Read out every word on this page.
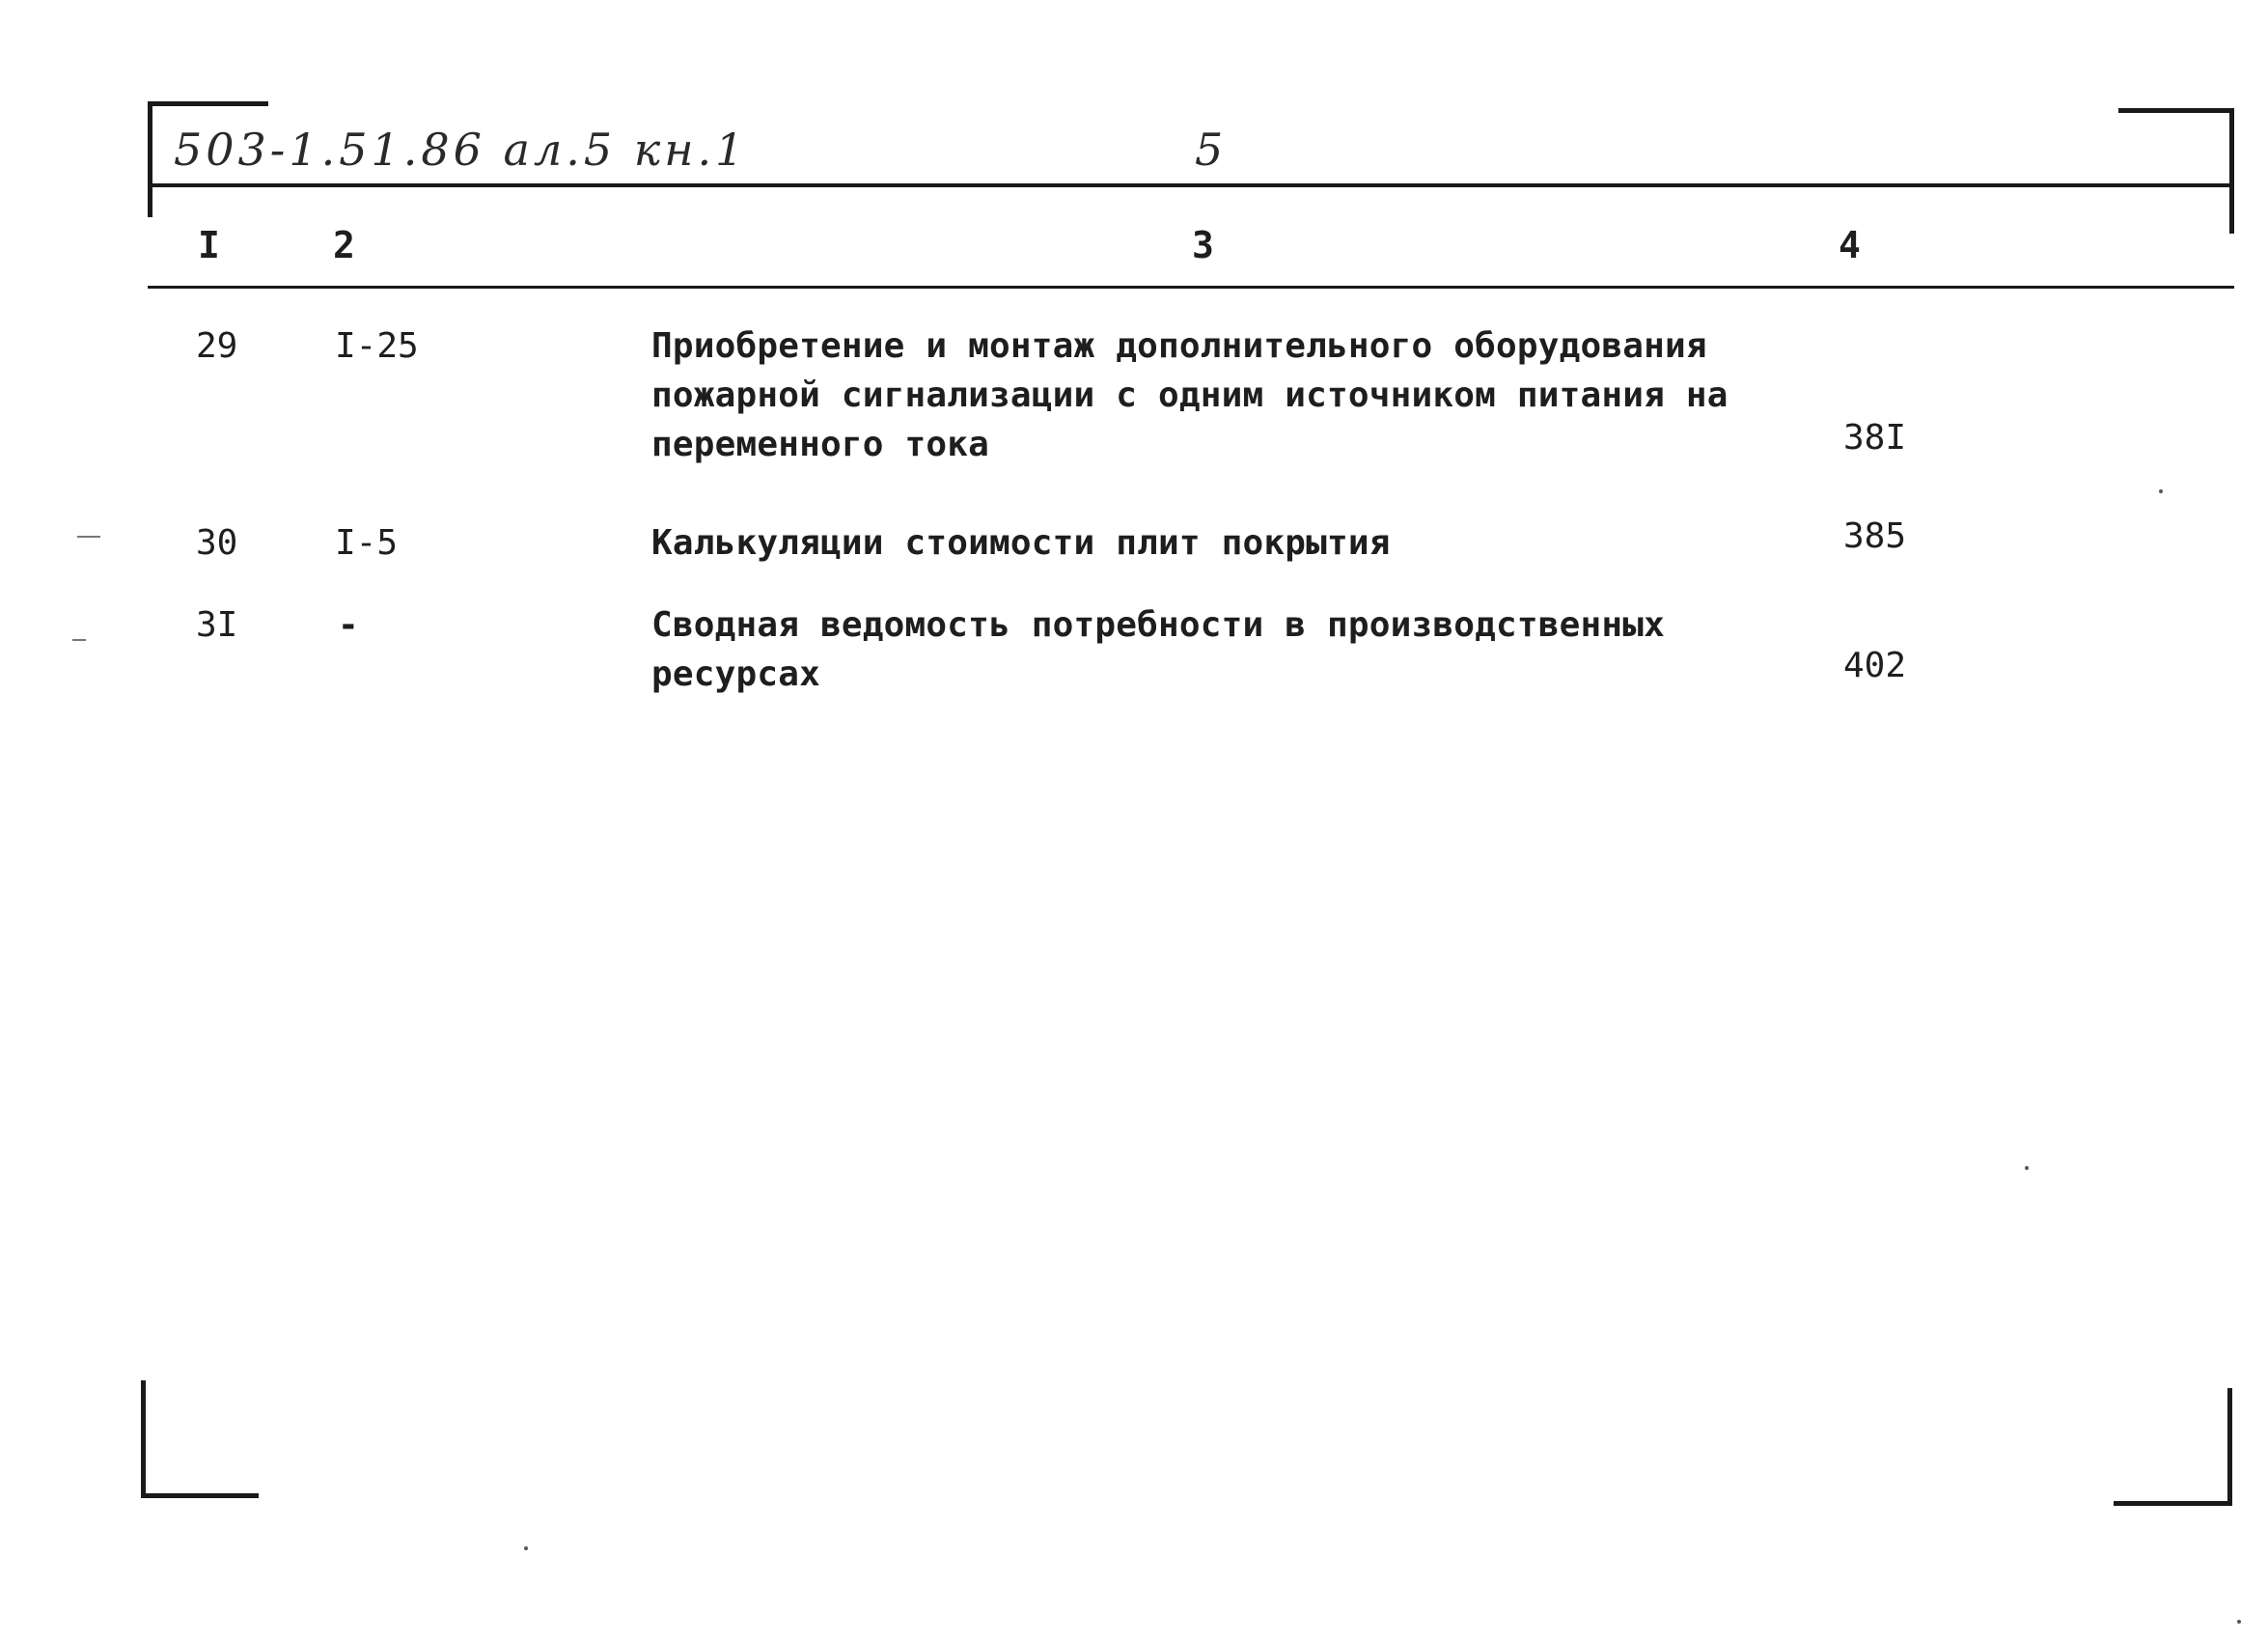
503-1.51.86 ал.5 кн.1	5
I	2	3	4
29	I-25	Приобретение и монтаж дополнительного оборудования
пожарной сигнализации с одним источником питания на
переменного тока	38I
30	I-5	Калькуляции стоимости плит покрытия	385
3I	-	Сводная ведомость потребности в производственных
ресурсах	402
